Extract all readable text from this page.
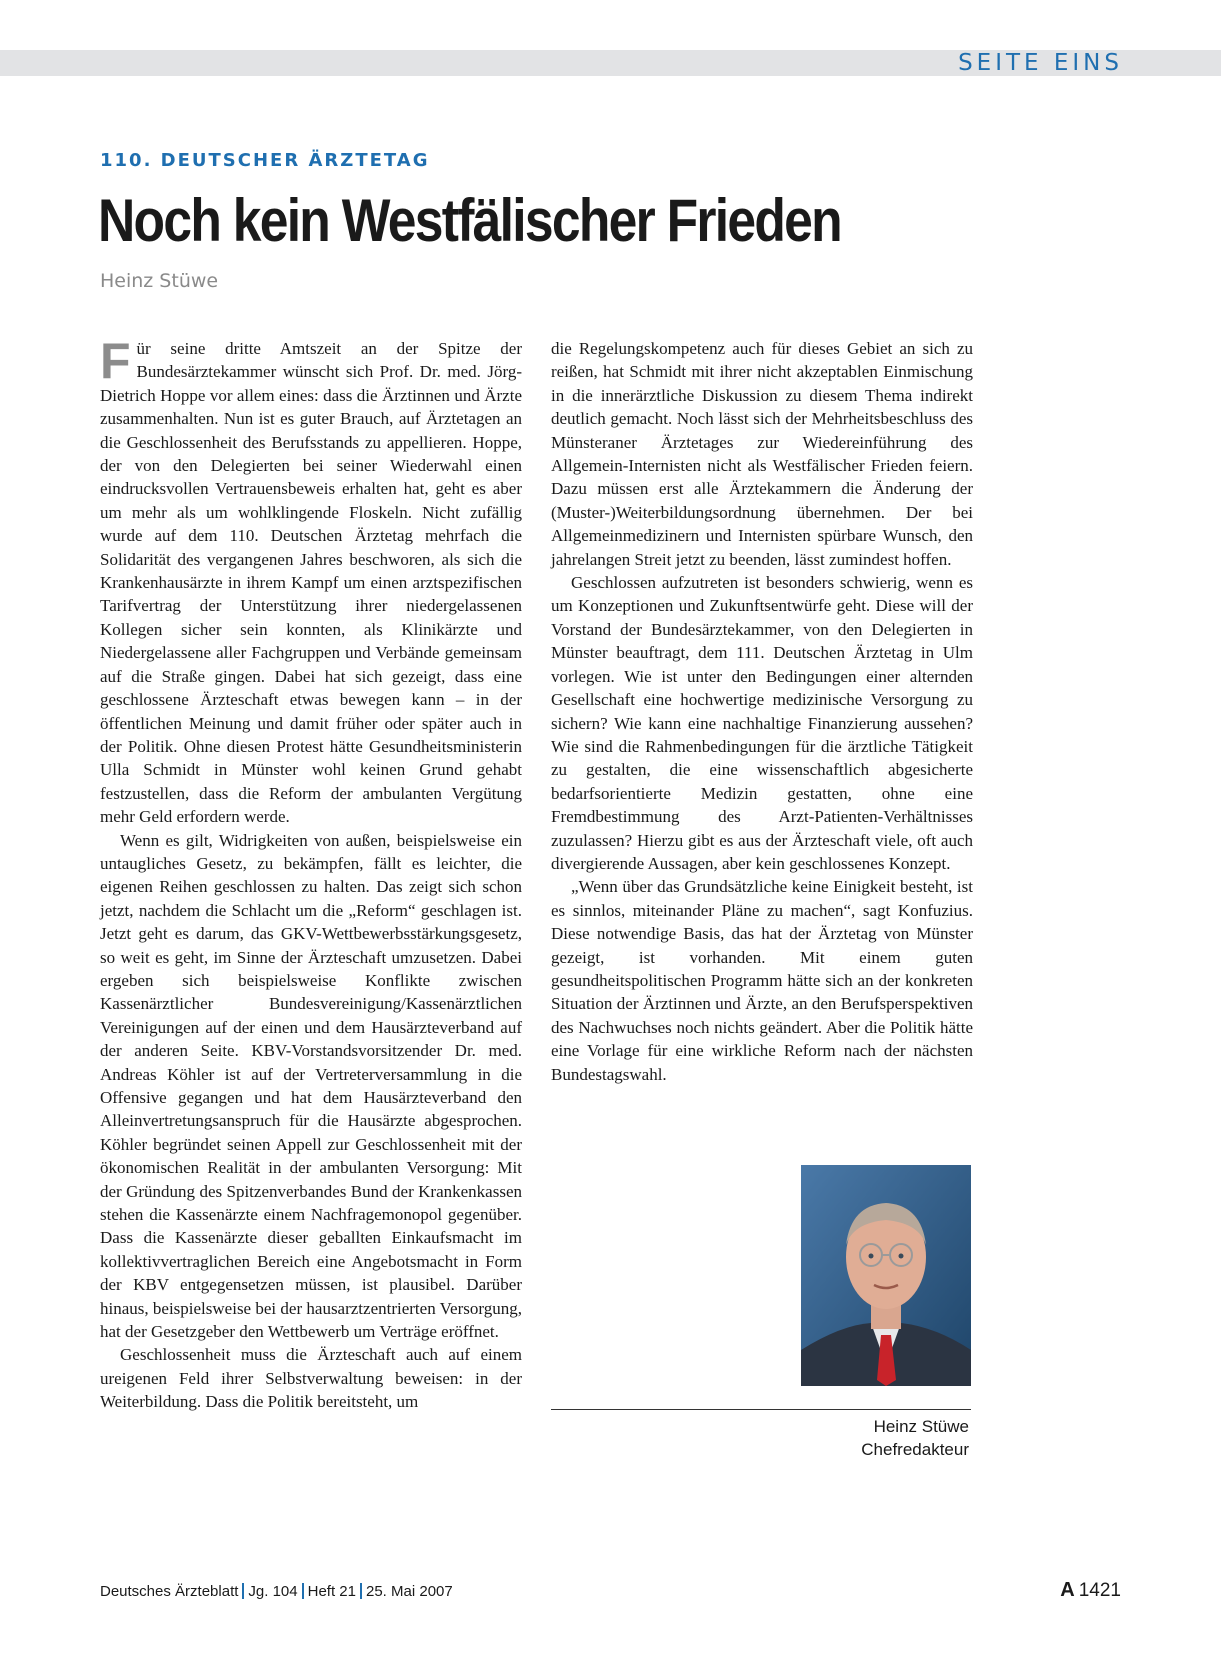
SEITE EINS
110. DEUTSCHER ÄRZTETAG
Noch kein Westfälischer Frieden
Heinz Stüwe

Für seine dritte Amtszeit an der Spitze der Bundesärztekammer wünscht sich Prof. Dr. med. Jörg-Dietrich Hoppe vor allem eines: dass die Ärztinnen und Ärzte zusammenhalten. Nun ist es guter Brauch, auf Ärztetagen an die Geschlossenheit des Berufsstands zu appellieren. Hoppe, der von den Delegierten bei seiner Wiederwahl einen eindrucksvollen Vertrauensbeweis erhalten hat, geht es aber um mehr als um wohlklingende Floskeln. Nicht zufällig wurde auf dem 110. Deutschen Ärztetag mehrfach die Solidarität des vergangenen Jahres beschworen, als sich die Krankenhausärzte in ihrem Kampf um einen arztspezifischen Tarifvertrag der Unterstützung ihrer niedergelassenen Kollegen sicher sein konnten, als Klinikärzte und Niedergelassene aller Fachgruppen und Verbände gemeinsam auf die Straße gingen. Dabei hat sich gezeigt, dass eine geschlossene Ärzteschaft etwas bewegen kann – in der öffentlichen Meinung und damit früher oder später auch in der Politik. Ohne diesen Protest hätte Gesundheitsministerin Ulla Schmidt in Münster wohl keinen Grund gehabt festzustellen, dass die Reform der ambulanten Vergütung mehr Geld erfordern werde.

Wenn es gilt, Widrigkeiten von außen, beispielsweise ein untaugliches Gesetz, zu bekämpfen, fällt es leichter, die eigenen Reihen geschlossen zu halten. Das zeigt sich schon jetzt, nachdem die Schlacht um die „Reform“ geschlagen ist. Jetzt geht es darum, das GKV-Wettbewerbsstärkungsgesetz, so weit es geht, im Sinne der Ärzteschaft umzusetzen. Dabei ergeben sich beispielsweise Konflikte zwischen Kassenärztlicher Bundesvereinigung/Kassenärztlichen Vereinigungen auf der einen und dem Hausärzteverband auf der anderen Seite. KBV-Vorstandsvorsitzender Dr. med. Andreas Köhler ist auf der Vertreterversammlung in die Offensive gegangen und hat dem Hausärzteverband den Alleinvertretungsanspruch für die Hausärzte abgesprochen. Köhler begründet seinen Appell zur Geschlossenheit mit der ökonomischen Realität in der ambulanten Versorgung: Mit der Gründung des Spitzenverbandes Bund der Krankenkassen stehen die Kassenärzte einem Nachfragemonopol gegenüber. Dass die Kassenärzte dieser geballten Einkaufsmacht im kollektivvertraglichen Bereich eine Angebotsmacht in Form der KBV entgegensetzen müssen, ist plausibel. Darüber hinaus, beispielsweise bei der hausarztzentrierten Versorgung, hat der Gesetzgeber den Wettbewerb um Verträge eröffnet.

Geschlossenheit muss die Ärzteschaft auch auf einem ureigenen Feld ihrer Selbstverwaltung beweisen: in der Weiterbildung. Dass die Politik bereitsteht, um

die Regelungskompetenz auch für dieses Gebiet an sich zu reißen, hat Schmidt mit ihrer nicht akzeptablen Einmischung in die innerärztliche Diskussion zu diesem Thema indirekt deutlich gemacht. Noch lässt sich der Mehrheitsbeschluss des Münsteraner Ärztetages zur Wiedereinführung des Allgemein-Internisten nicht als Westfälischer Frieden feiern. Dazu müssen erst alle Ärztekammern die Änderung der (Muster-)Weiterbildungsordnung übernehmen. Der bei Allgemeinmedizinern und Internisten spürbare Wunsch, den jahrelangen Streit jetzt zu beenden, lässt zumindest hoffen.

Geschlossen aufzutreten ist besonders schwierig, wenn es um Konzeptionen und Zukunftsentwürfe geht. Diese will der Vorstand der Bundesärztekammer, von den Delegierten in Münster beauftragt, dem 111. Deutschen Ärztetag in Ulm vorlegen. Wie ist unter den Bedingungen einer alternden Gesellschaft eine hochwertige medizinische Versorgung zu sichern? Wie kann eine nachhaltige Finanzierung aussehen? Wie sind die Rahmenbedingungen für die ärztliche Tätigkeit zu gestalten, die eine wissenschaftlich abgesicherte bedarfsorientierte Medizin gestatten, ohne eine Fremdbestimmung des Arzt-Patienten-Verhältnisses zuzulassen? Hierzu gibt es aus der Ärzteschaft viele, oft auch divergierende Aussagen, aber kein geschlossenes Konzept.

„Wenn über das Grundsätzliche keine Einigkeit besteht, ist es sinnlos, miteinander Pläne zu machen“, sagt Konfuzius. Diese notwendige Basis, das hat der Ärztetag von Münster gezeigt, ist vorhanden. Mit einem guten gesundheitspolitischen Programm hätte sich an der konkreten Situation der Ärztinnen und Ärzte, an den Berufsperspektiven des Nachwuchses noch nichts geändert. Aber die Politik hätte eine Vorlage für eine wirkliche Reform nach der nächsten Bundestagswahl.

Heinz Stüwe
Chefredakteur
Deutsches Ärzteblatt Jg. 104 Heft 21 25. Mai 2007	A 1421
